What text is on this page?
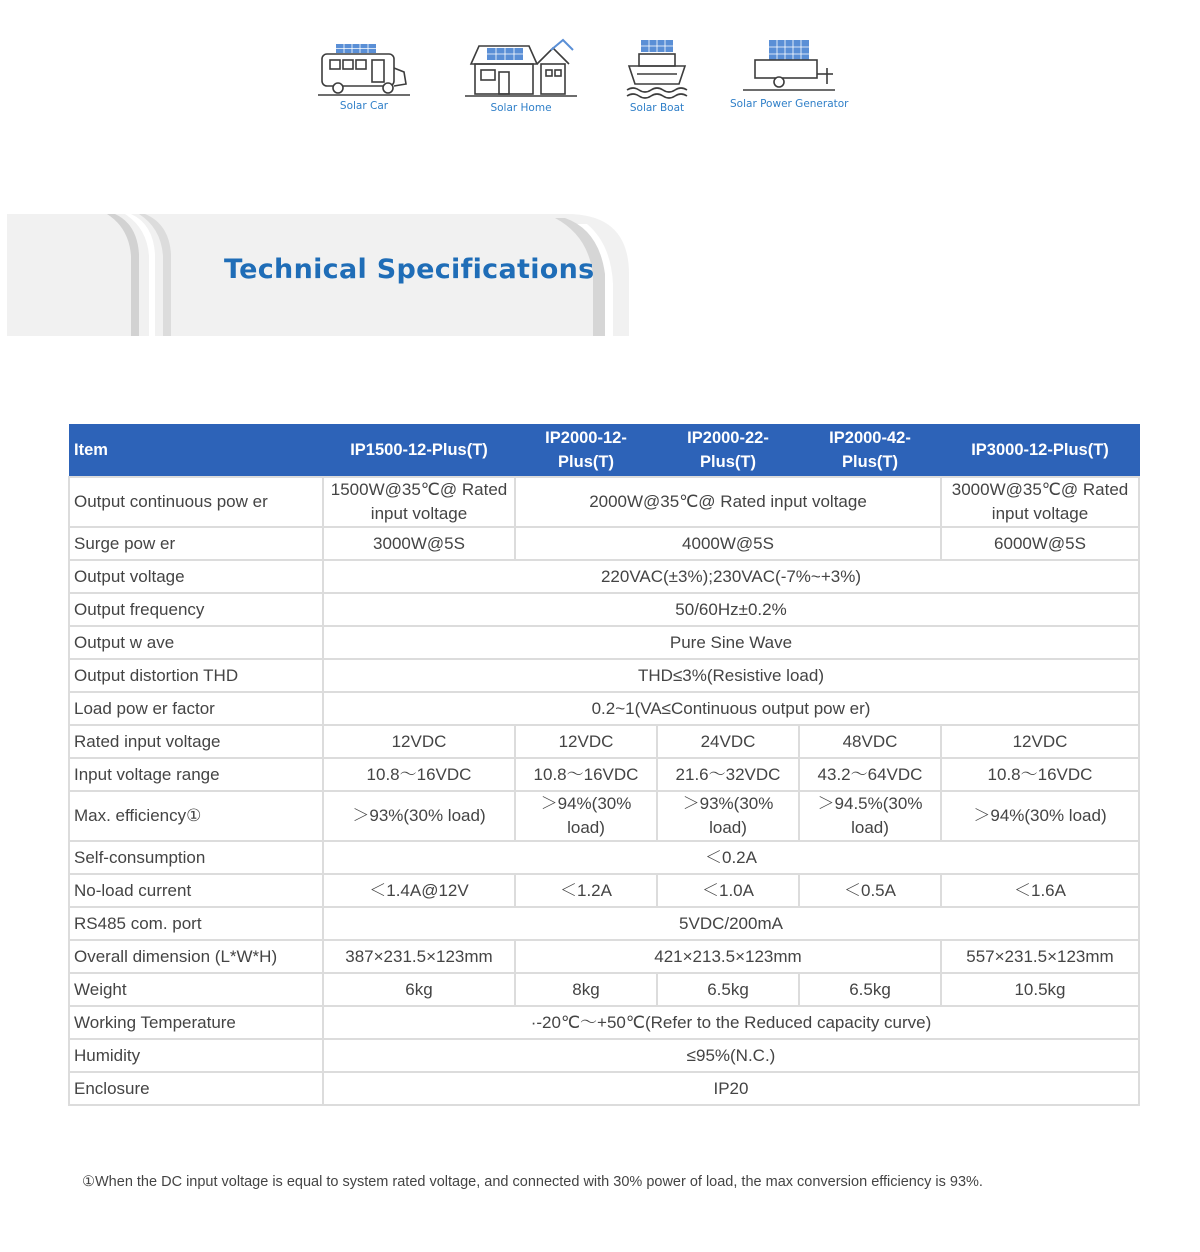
Solar Car	Solar Home	Solar Boat	Solar Power Generator
Technical Specifications
Item	IP1500-12-Plus(T)	IP2000-12-Plus(T)	IP2000-22-Plus(T)	IP2000-42-Plus(T)	IP3000-12-Plus(T)
Output continuous pow er	1500W@35℃@ Rated input voltage	2000W@35℃@ Rated input voltage			3000W@35℃@ Rated input voltage
Surge pow er	3000W@5S	4000W@5S			6000W@5S
Output voltage	220VAC(±3%);230VAC(-7%~+3%)				
Output frequency	50/60Hz±0.2%				
Output w ave	Pure Sine Wave				
Output distortion THD	THD≤3%(Resistive load)				
Load pow er factor	0.2~1(VA≤Continuous output pow er)				
Rated input voltage	12VDC	12VDC	24VDC	48VDC	12VDC
Input voltage range	10.8～16VDC	10.8～16VDC	21.6～32VDC	43.2～64VDC	10.8～16VDC
Max. efficiency①	＞93%(30% load)	＞94%(30% load)	＞93%(30% load)	＞94.5%(30% load)	＞94%(30% load)
Self-consumption	＜0.2A				
No-load current	＜1.4A@12V	＜1.2A	＜1.0A	＜0.5A	＜1.6A
RS485 com. port	5VDC/200mA				
Overall dimension (L*W*H)	387×231.5×123mm	421×213.5×123mm			557×231.5×123mm
Weight	6kg	8kg	6.5kg	6.5kg	10.5kg
Working Temperature	·-20℃～+50℃(Refer to the Reduced capacity curve)				
Humidity	≤95%(N.C.)				
Enclosure	IP20				

①When the DC input voltage is equal to system rated voltage, and connected with 30% power of load, the max conversion efficiency is 93%.
